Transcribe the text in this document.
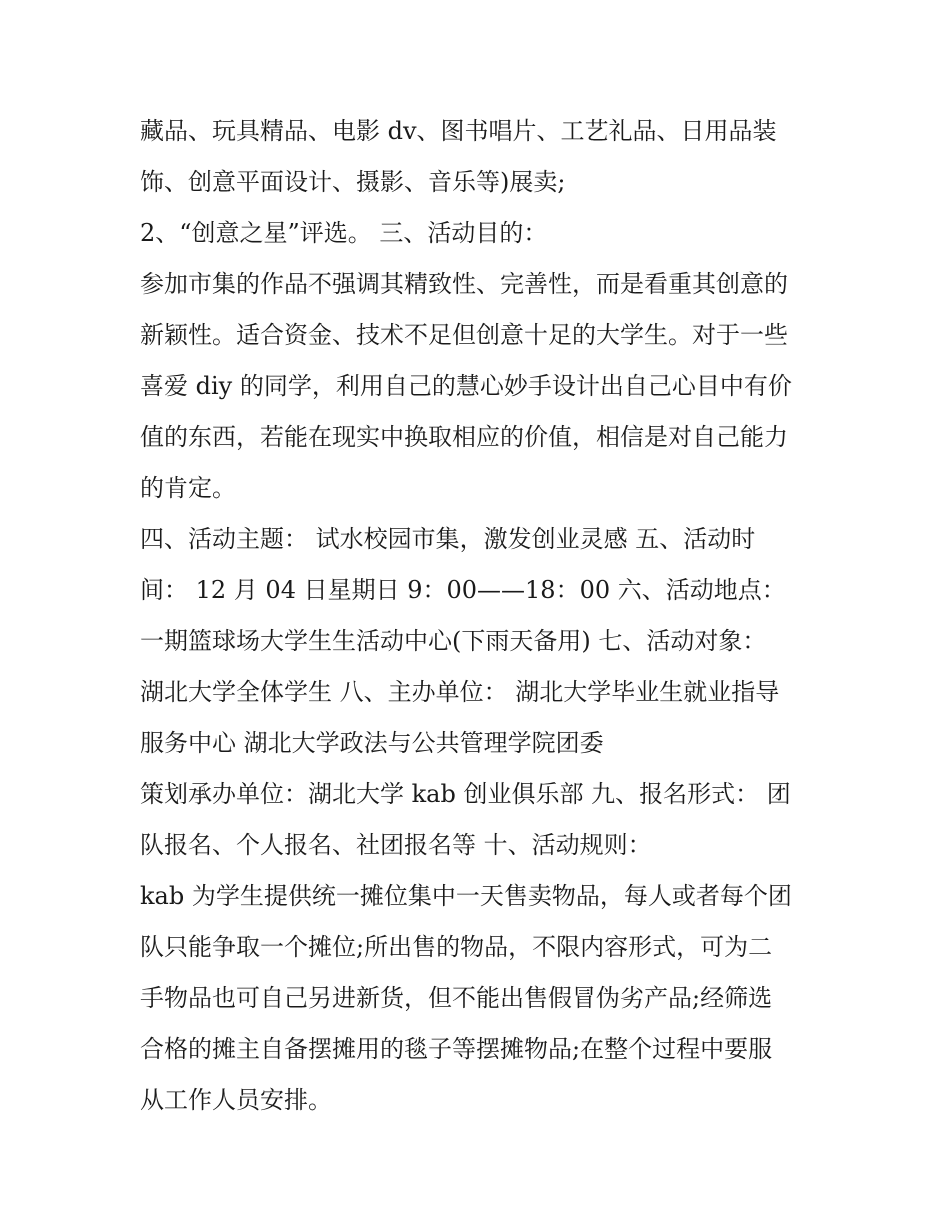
藏品、玩具精品、电影 dv、图书唱片、工艺礼品、日用品装
饰、创意平面设计、摄影、音乐等)展卖;
2、“创意之星”评选。 三、活动目的：
参加市集的作品不强调其精致性、完善性，而是看重其创意的
新颖性。适合资金、技术不足但创意十足的大学生。对于一些
喜爱 diy 的同学，利用自己的慧心妙手设计出自己心目中有价
值的东西，若能在现实中换取相应的价值，相信是对自己能力
的肯定。
四、活动主题： 试水校园市集，激发创业灵感 五、活动时
间： 12 月 04 日星期日 9：00——18：00 六、活动地点：
一期篮球场大学生生活动中心(下雨天备用) 七、活动对象：
湖北大学全体学生 八、主办单位： 湖北大学毕业生就业指导
服务中心 湖北大学政法与公共管理学院团委
策划承办单位：湖北大学 kab 创业俱乐部 九、报名形式： 团
队报名、个人报名、社团报名等 十、活动规则：
kab 为学生提供统一摊位集中一天售卖物品，每人或者每个团
队只能争取一个摊位;所出售的物品，不限内容形式，可为二
手物品也可自己另进新货，但不能出售假冒伪劣产品;经筛选
合格的摊主自备摆摊用的毯子等摆摊物品;在整个过程中要服
从工作人员安排。
